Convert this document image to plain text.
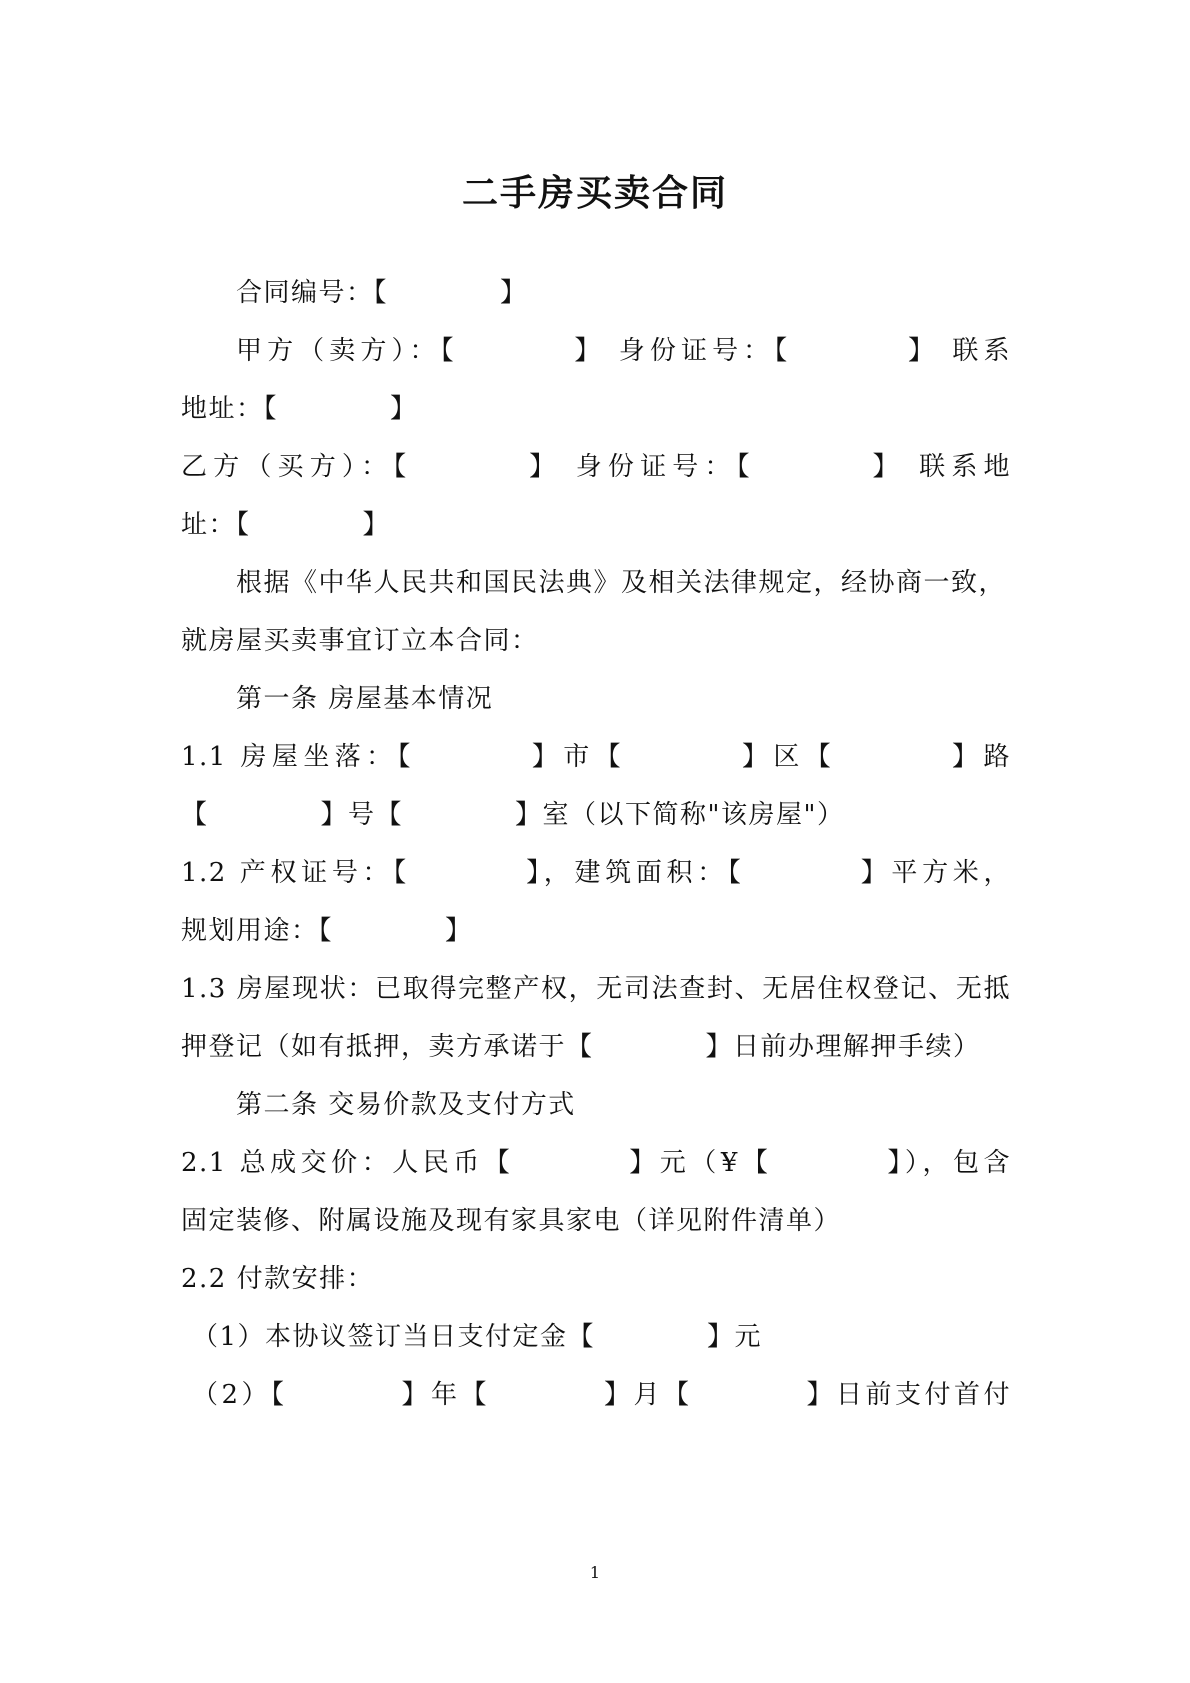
二手房买卖合同
合同编号：【	】
甲方（卖方）：【	】 身份证号：【	】 联系
地址：【	】
乙方（买方）：【	】 身份证号：【	】 联系地
址：【	】
根据《中华人民共和国民法典》及相关法律规定，经协商一致，
就房屋买卖事宜订立本合同：
第一条 房屋基本情况
1.1 房屋坐落：【	】市【	】区【	】路
【	】号【	】室（以下简称"该房屋"）
1.2 产权证号：【	】，建筑面积：【	】平方米，
规划用途：【	】
1.3 房屋现状：已取得完整产权，无司法查封、无居住权登记、无抵
押登记（如有抵押，卖方承诺于【	】日前办理解押手续）
第二条 交易价款及支付方式
2.1 总成交价：人民币【	】元（¥【	】），包含
固定装修、附属设施及现有家具家电（详见附件清单）
2.2 付款安排：
（1）本协议签订当日支付定金【	】元
（2）【	】年【	】月【	】日前支付首付
1
